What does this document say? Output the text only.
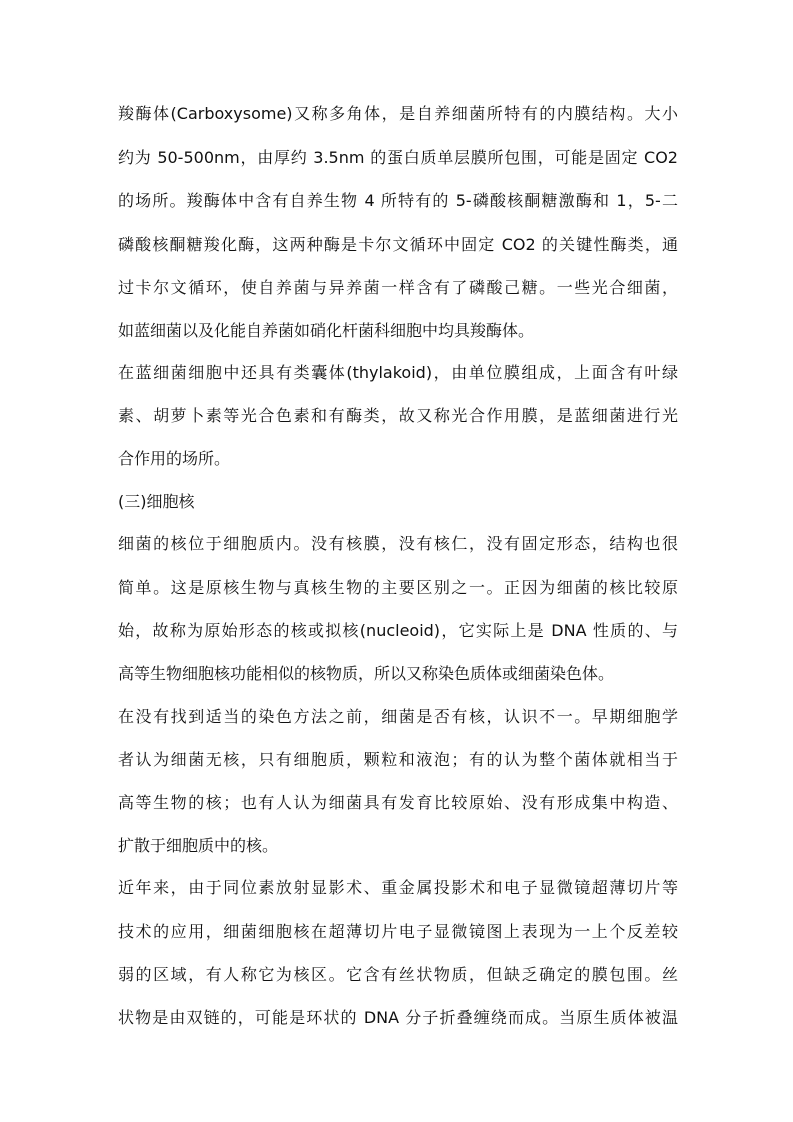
羧酶体(Carboxysome)又称多角体，是自养细菌所特有的内膜结构。大小
约为 50-500nm，由厚约 3.5nm 的蛋白质单层膜所包围，可能是固定 CO2
的场所。羧酶体中含有自养生物 4 所特有的 5-磷酸核酮糖激酶和 1，5-二
磷酸核酮糖羧化酶，这两种酶是卡尔文循环中固定 CO2 的关键性酶类，通
过卡尔文循环，使自养菌与异养菌一样含有了磷酸己糖。一些光合细菌，
如蓝细菌以及化能自养菌如硝化杆菌科细胞中均具羧酶体。
在蓝细菌细胞中还具有类囊体(thylakoid)，由单位膜组成，上面含有叶绿
素、胡萝卜素等光合色素和有酶类，故又称光合作用膜，是蓝细菌进行光
合作用的场所。
(三)细胞核
细菌的核位于细胞质内。没有核膜，没有核仁，没有固定形态，结构也很
简单。这是原核生物与真核生物的主要区别之一。正因为细菌的核比较原
始，故称为原始形态的核或拟核(nucleoid)，它实际上是 DNA 性质的、与
高等生物细胞核功能相似的核物质，所以又称染色质体或细菌染色体。
在没有找到适当的染色方法之前，细菌是否有核，认识不一。早期细胞学
者认为细菌无核，只有细胞质，颗粒和液泡；有的认为整个菌体就相当于
高等生物的核；也有人认为细菌具有发育比较原始、没有形成集中构造、
扩散于细胞质中的核。
近年来，由于同位素放射显影术、重金属投影术和电子显微镜超薄切片等
技术的应用，细菌细胞核在超薄切片电子显微镜图上表现为一上个反差较
弱的区域，有人称它为核区。它含有丝状物质，但缺乏确定的膜包围。丝
状物是由双链的，可能是环状的 DNA 分子折叠缠绕而成。当原生质体被温
